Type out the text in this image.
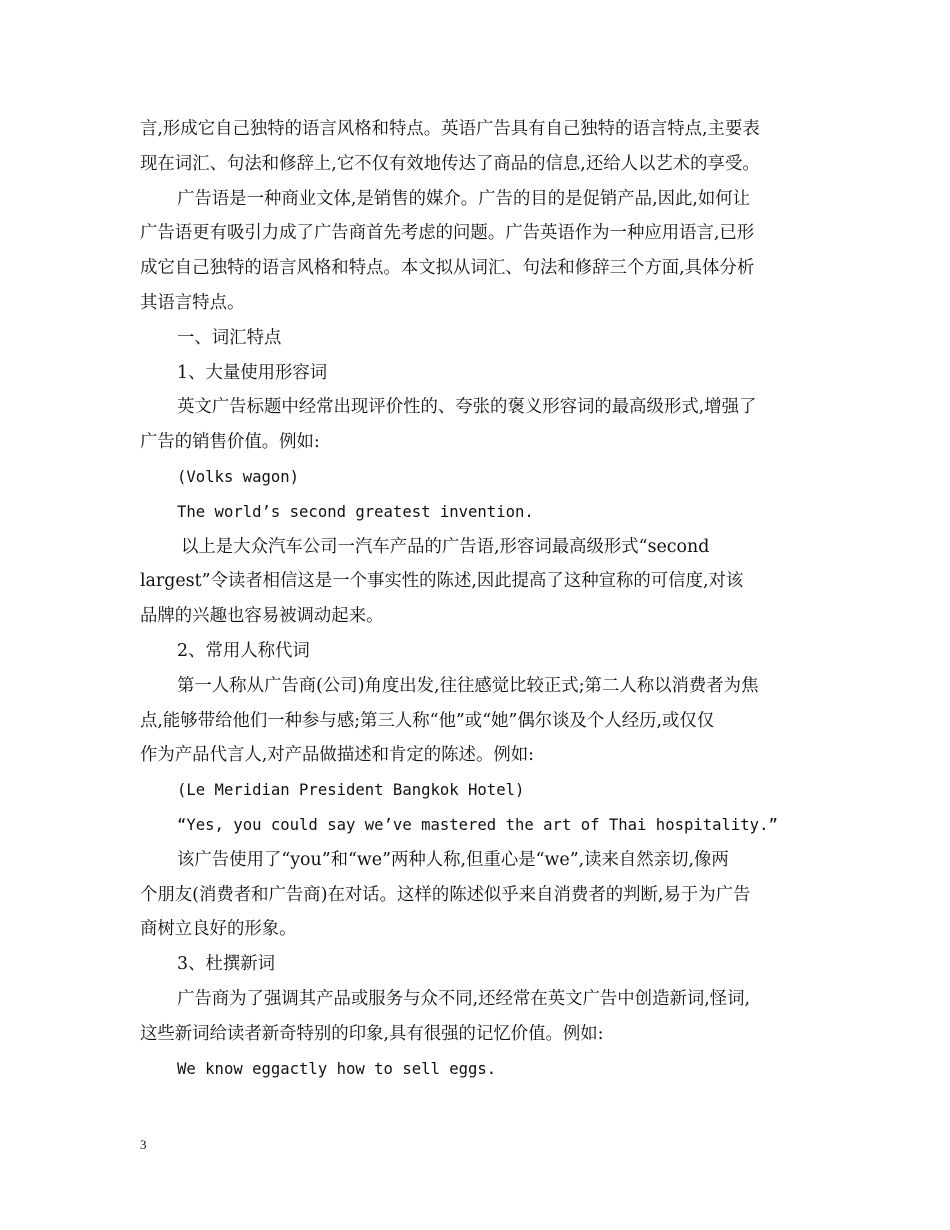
言,形成它自己独特的语言风格和特点。英语广告具有自己独特的语言特点,主要表
现在词汇、句法和修辞上,它不仅有效地传达了商品的信息,还给人以艺术的享受。
广告语是一种商业文体,是销售的媒介。广告的目的是促销产品,因此,如何让
广告语更有吸引力成了广告商首先考虑的问题。广告英语作为一种应用语言,已形
成它自己独特的语言风格和特点。本文拟从词汇、句法和修辞三个方面,具体分析
其语言特点。
一、词汇特点
1、大量使用形容词
英文广告标题中经常出现评价性的、夸张的褒义形容词的最高级形式,增强了
广告的销售价值。例如:
(Volks wagon)
The world’s second greatest invention.
以上是大众汽车公司一汽车产品的广告语,形容词最高级形式“second
largest”令读者相信这是一个事实性的陈述,因此提高了这种宣称的可信度,对该
品牌的兴趣也容易被调动起来。
2、常用人称代词
第一人称从广告商(公司)角度出发,往往感觉比较正式;第二人称以消费者为焦
点,能够带给他们一种参与感;第三人称“他”或“她”偶尔谈及个人经历,或仅仅
作为产品代言人,对产品做描述和肯定的陈述。例如:
(Le Meridian President Bangkok Hotel)
“Yes, you could say we’ve mastered the art of Thai hospitality.”
该广告使用了“you”和“we”两种人称,但重心是“we”,读来自然亲切,像两
个朋友(消费者和广告商)在对话。这样的陈述似乎来自消费者的判断,易于为广告
商树立良好的形象。
3、杜撰新词
广告商为了强调其产品或服务与众不同,还经常在英文广告中创造新词,怪词,
这些新词给读者新奇特别的印象,具有很强的记忆价值。例如:
We know eggactly how to sell eggs.
3
